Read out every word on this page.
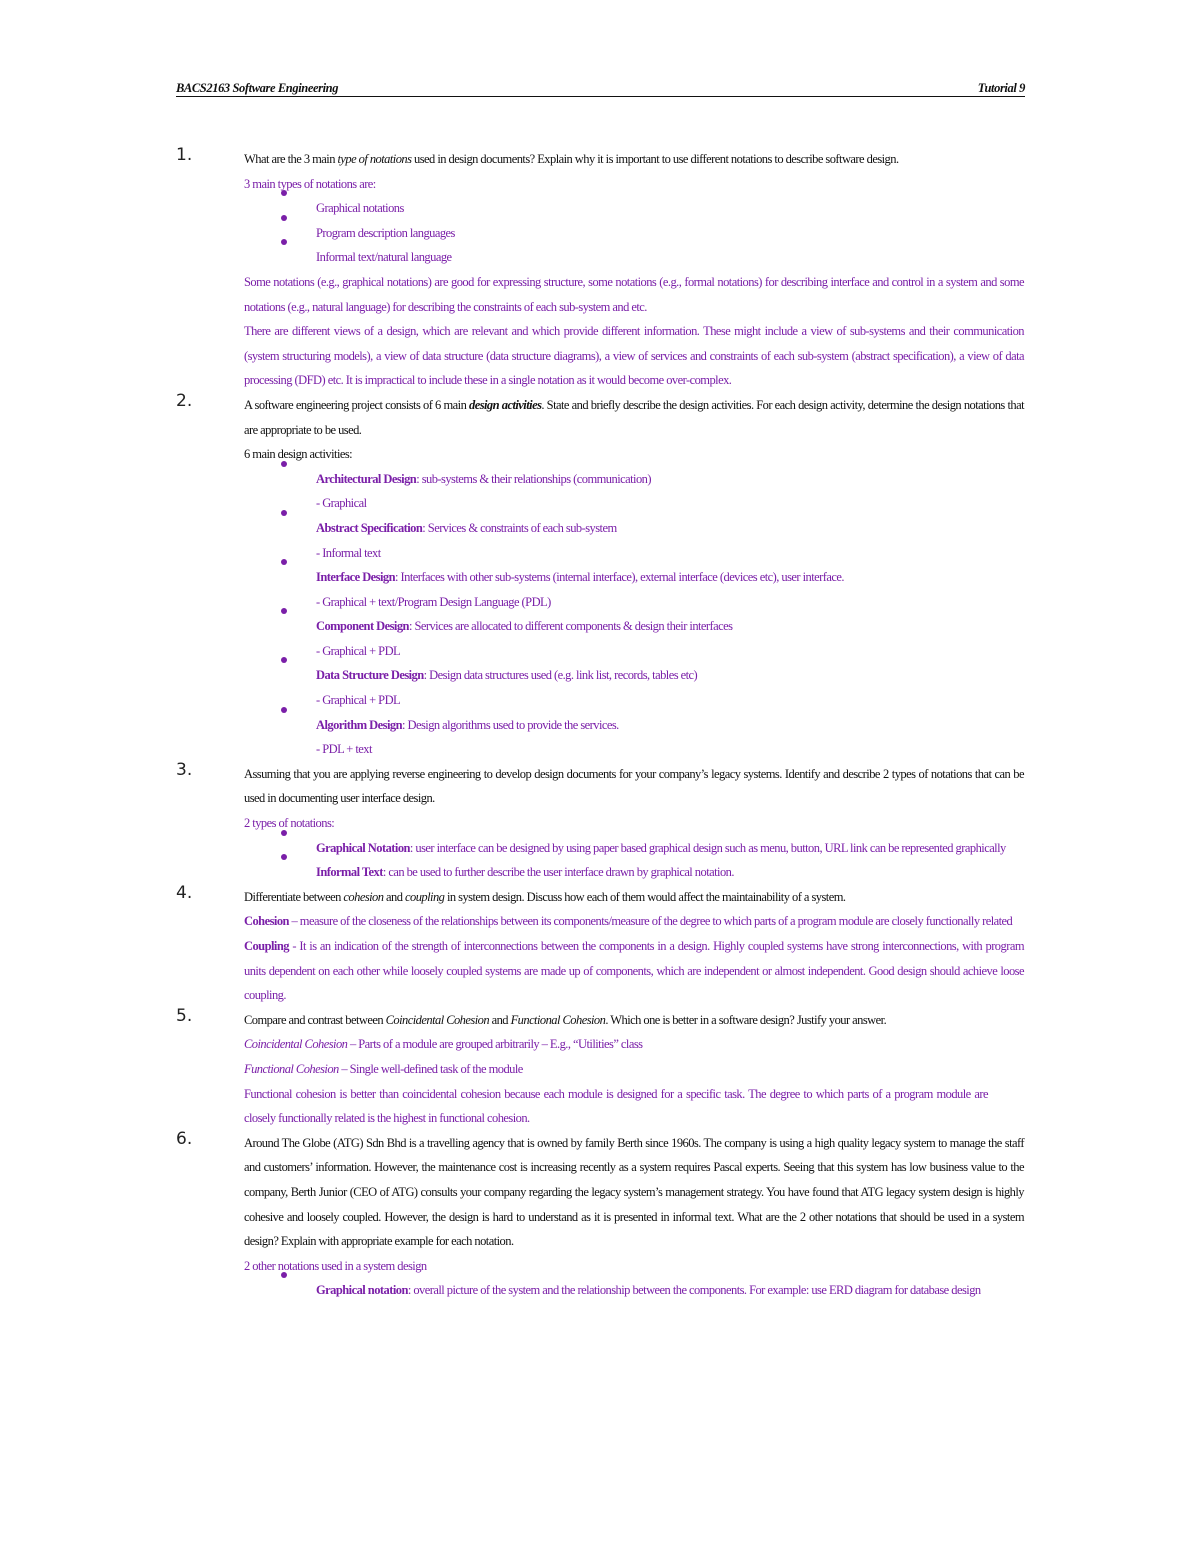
BACS2163 Software Engineering	Tutorial 9
1.	What are the 3 main type of notations used in design documents? Explain why it is important to use different notations to describe software design.
3 main types of notations are:
Graphical notations
Program description languages
Informal text/natural language
Some notations (e.g., graphical notations) are good for expressing structure, some notations (e.g., formal notations) for describing interface and control in a system and some notations (e.g., natural language) for describing the constraints of each sub-system and etc.
There are different views of a design, which are relevant and which provide different information. These might include a view of sub-systems and their communication (system structuring models), a view of data structure (data structure diagrams), a view of services and constraints of each sub-system (abstract specification), a view of data processing (DFD) etc. It is impractical to include these in a single notation as it would become over-complex.
2.	A software engineering project consists of 6 main design activities. State and briefly describe the design activities. For each design activity, determine the design notations that are appropriate to be used.
6 main design activities:
Architectural Design: sub-systems & their relationships (communication)
- Graphical
Abstract Specification: Services & constraints of each sub-system
- Informal text
Interface Design: Interfaces with other sub-systems (internal interface), external interface (devices etc), user interface.
- Graphical + text/Program Design Language (PDL)
Component Design: Services are allocated to different components & design their interfaces
- Graphical + PDL
Data Structure Design: Design data structures used (e.g. link list, records, tables etc)
- Graphical + PDL
Algorithm Design: Design algorithms used to provide the services.
- PDL + text
3.	Assuming that you are applying reverse engineering to develop design documents for your company’s legacy systems. Identify and describe 2 types of notations that can be used in documenting user interface design.
2 types of notations:
Graphical Notation: user interface can be designed by using paper based graphical design such as menu, button, URL link can be represented graphically
Informal Text: can be used to further describe the user interface drawn by graphical notation.
4.	Differentiate between cohesion and coupling in system design. Discuss how each of them would affect the maintainability of a system.
Cohesion – measure of the closeness of the relationships between its components/measure of the degree to which parts of a program module are closely functionally related
Coupling - It is an indication of the strength of interconnections between the components in a design. Highly coupled systems have strong interconnections, with program units dependent on each other while loosely coupled systems are made up of components, which are independent or almost independent. Good design should achieve loose coupling.
5.	Compare and contrast between Coincidental Cohesion and Functional Cohesion. Which one is better in a software design? Justify your answer.
Coincidental Cohesion – Parts of a module are grouped arbitrarily – E.g., “Utilities” class
Functional Cohesion – Single well-defined task of the module
Functional cohesion is better than coincidental cohesion because each module is designed for a specific task. The degree to which parts of a program module are closely functionally related is the highest in functional cohesion.
6.	Around The Globe (ATG) Sdn Bhd is a travelling agency that is owned by family Berth since 1960s. The company is using a high quality legacy system to manage the staff and customers’ information. However, the maintenance cost is increasing recently as a system requires Pascal experts. Seeing that this system has low business value to the company, Berth Junior (CEO of ATG) consults your company regarding the legacy system’s management strategy. You have found that ATG legacy system design is highly cohesive and loosely coupled. However, the design is hard to understand as it is presented in informal text. What are the 2 other notations that should be used in a system design? Explain with appropriate example for each notation.
2 other notations used in a system design
Graphical notation: overall picture of the system and the relationship between the components. For example: use ERD diagram for database design
